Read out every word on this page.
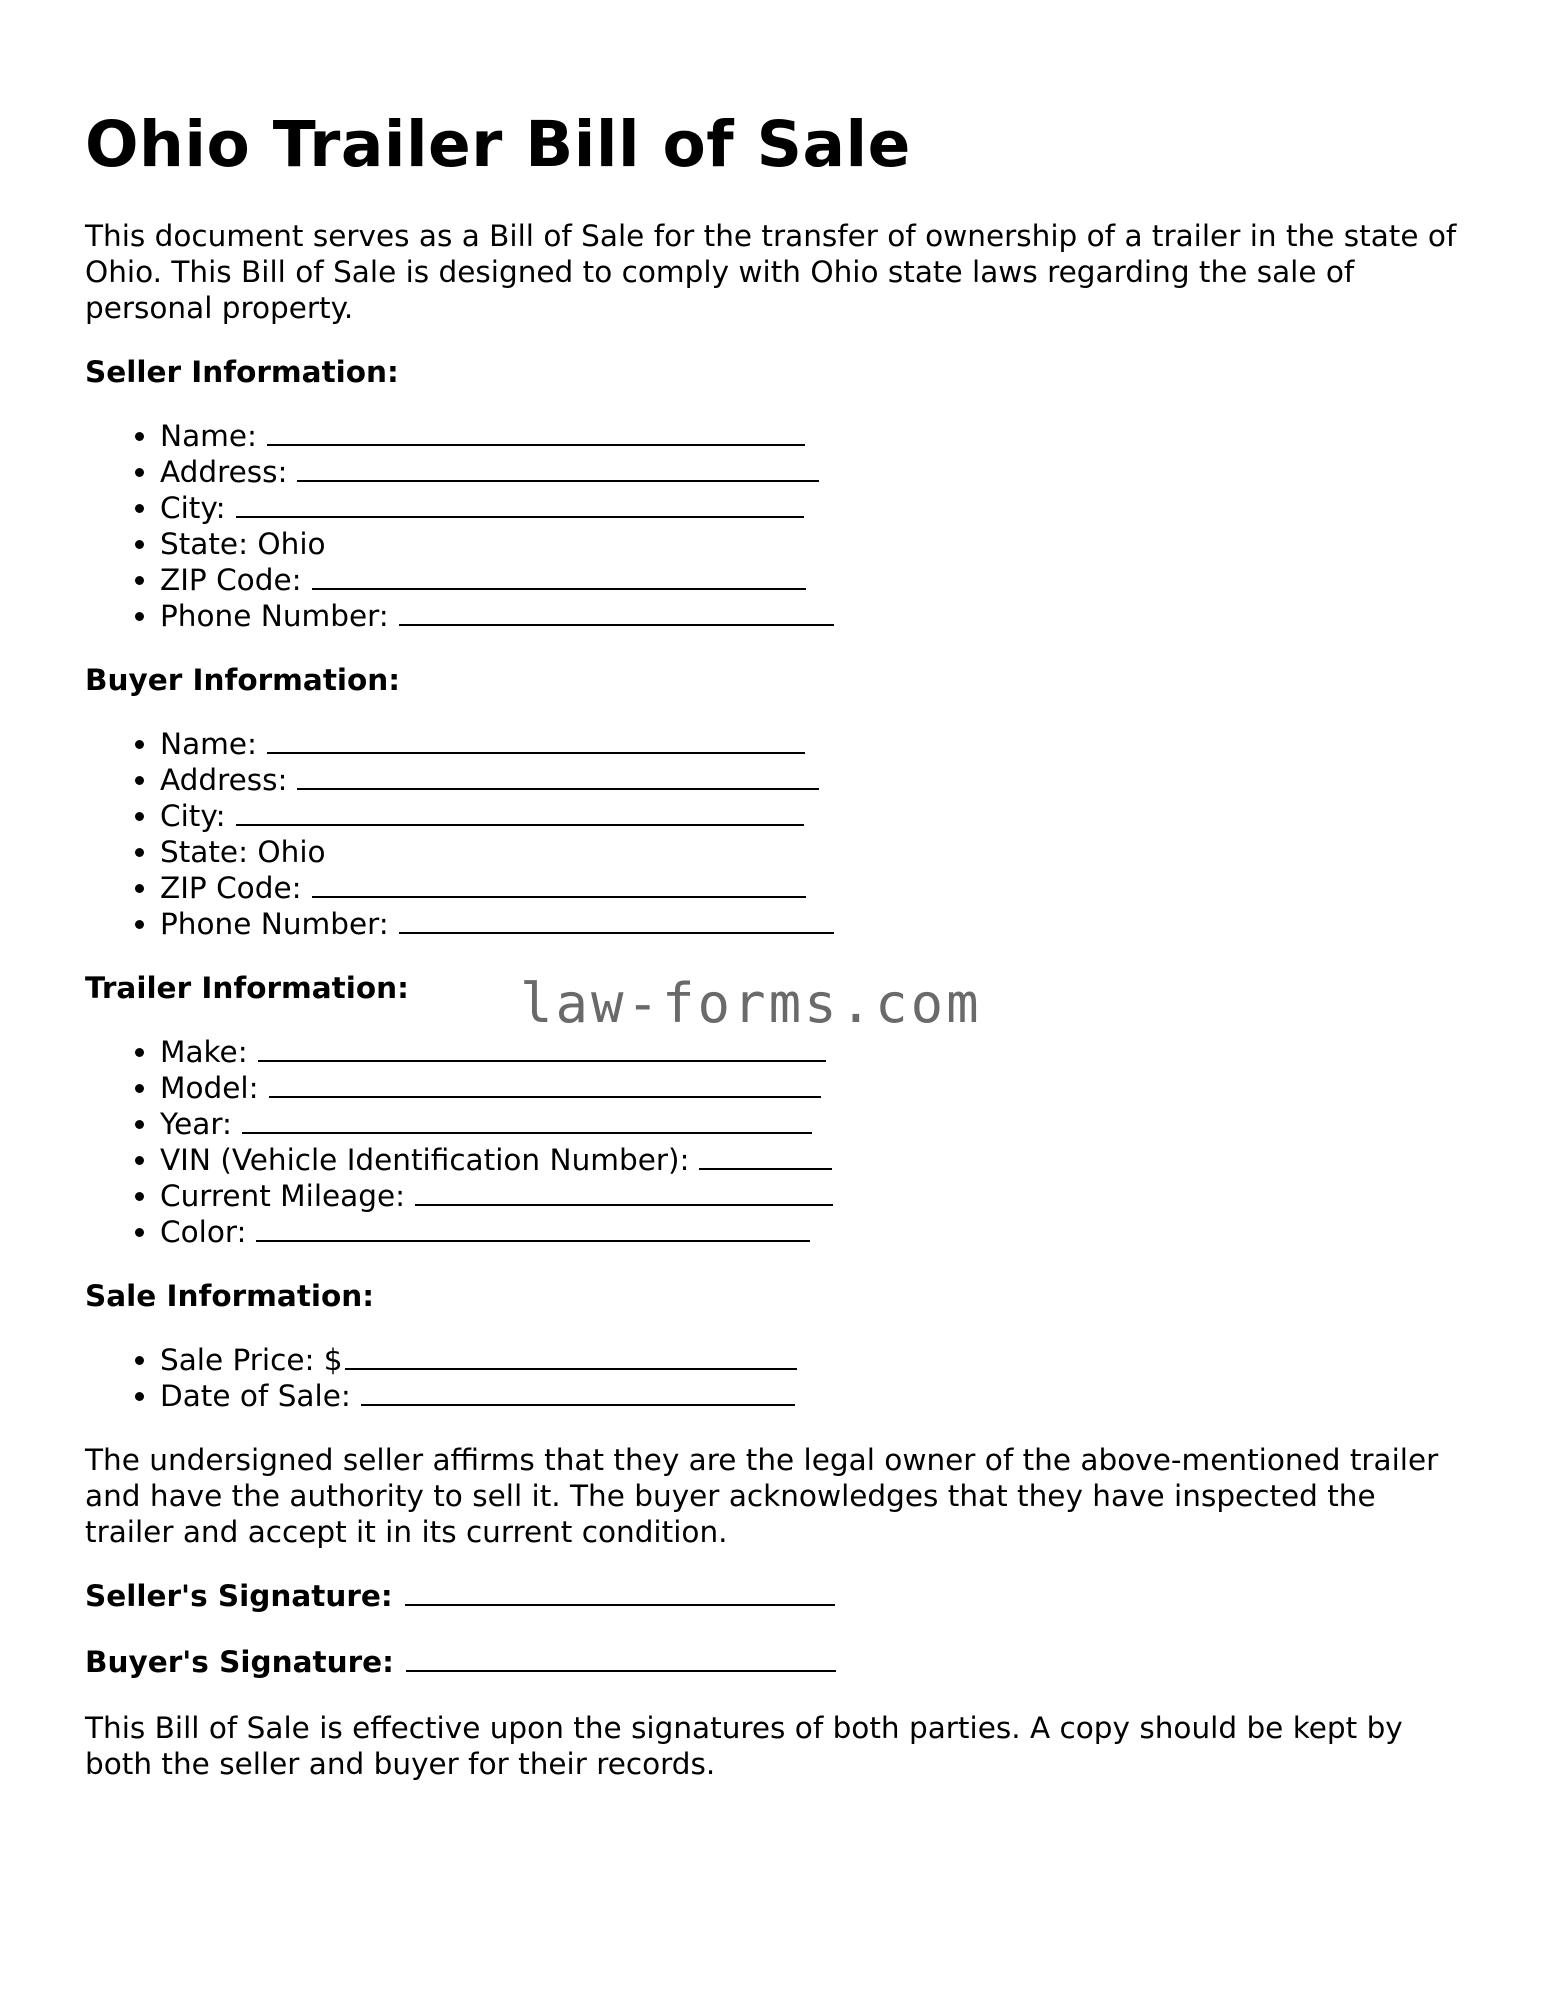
Ohio Trailer Bill of Sale

This document serves as a Bill of Sale for the transfer of ownership of a trailer in the state of Ohio. This Bill of Sale is designed to comply with Ohio state laws regarding the sale of personal property.

Seller Information:

• Name:
• Address:
• City:
• State: Ohio
• ZIP Code:
• Phone Number:

Buyer Information:

• Name:
• Address:
• City:
• State: Ohio
• ZIP Code:
• Phone Number:

Trailer Information:

• Make:
• Model:
• Year:
• VIN (Vehicle Identification Number):
• Current Mileage:
• Color:

Sale Information:

• Sale Price: $
• Date of Sale:

The undersigned seller affirms that they are the legal owner of the above-mentioned trailer and have the authority to sell it. The buyer acknowledges that they have inspected the trailer and accept it in its current condition.

Seller's Signature:

Buyer's Signature:

This Bill of Sale is effective upon the signatures of both parties. A copy should be kept by both the seller and buyer for their records.

law-forms.com
